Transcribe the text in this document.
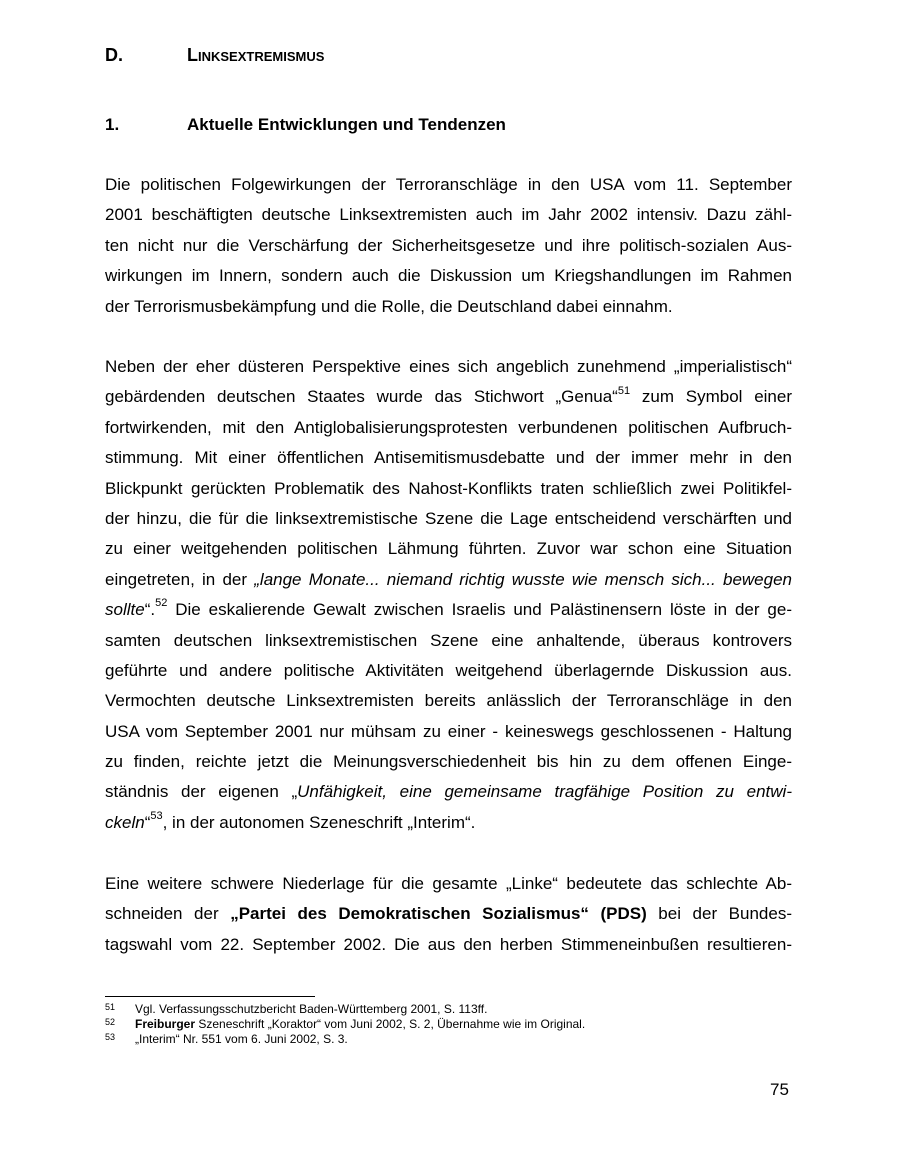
D.	Linksextremismus
1.	Aktuelle Entwicklungen und Tendenzen
Die politischen Folgewirkungen der Terroranschläge in den USA vom 11. September
2001 beschäftigten deutsche Linksextremisten auch im Jahr 2002 intensiv. Dazu zähl-
ten nicht nur die Verschärfung der Sicherheitsgesetze und ihre politisch-sozialen Aus-
wirkungen im Innern, sondern auch die Diskussion um Kriegshandlungen im Rahmen
der Terrorismusbekämpfung und die Rolle, die Deutschland dabei einnahm.
Neben der eher düsteren Perspektive eines sich angeblich zunehmend „imperialistisch“
gebärdenden deutschen Staates wurde das Stichwort „Genua“$^{51}$ zum Symbol einer
fortwirkenden, mit den Antiglobalisierungsprotesten verbundenen politischen Aufbruch-
stimmung. Mit einer öffentlichen Antisemitismusdebatte und der immer mehr in den
Blickpunkt gerückten Problematik des Nahost-Konflikts traten schließlich zwei Politikfel-
der hinzu, die für die linksextremistische Szene die Lage entscheidend verschärften und
zu einer weitgehenden politischen Lähmung führten. Zuvor war schon eine Situation
eingetreten, in der „lange Monate... niemand richtig wusste wie mensch sich... bewegen
sollte“.$^{52}$ Die eskalierende Gewalt zwischen Israelis und Palästinensern löste in der ge-
samten deutschen linksextremistischen Szene eine anhaltende, überaus kontrovers
geführte und andere politische Aktivitäten weitgehend überlagernde Diskussion aus.
Vermochten deutsche Linksextremisten bereits anlässlich der Terroranschläge in den
USA vom September 2001 nur mühsam zu einer - keineswegs geschlossenen - Haltung
zu finden, reichte jetzt die Meinungsverschiedenheit bis hin zu dem offenen Einge-
ständnis der eigenen „Unfähigkeit, eine gemeinsame tragfähige Position zu entwi-
ckeln“$^{53}$, in der autonomen Szeneschrift „Interim“.
Eine weitere schwere Niederlage für die gesamte „Linke“ bedeutete das schlechte Ab-
schneiden der „Partei des Demokratischen Sozialismus“ (PDS) bei der Bundes-
tagswahl vom 22. September 2002. Die aus den herben Stimmeneinbußen resultieren-
51 Vgl. Verfassungsschutzbericht Baden-Württemberg 2001, S. 113ff.
52 Freiburger Szeneschrift „Koraktor“ vom Juni 2002, S. 2, Übernahme wie im Original.
53 „Interim“ Nr. 551 vom 6. Juni 2002, S. 3.
75
